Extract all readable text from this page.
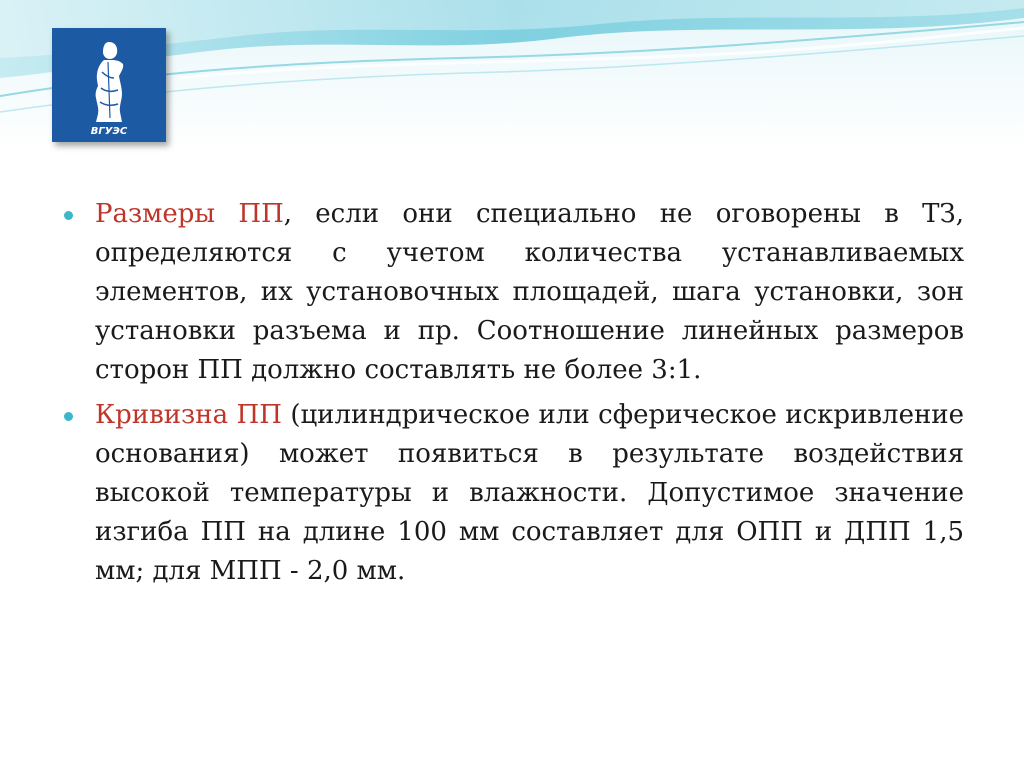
ВГУЭС

Размеры ПП, если они специально не оговорены в ТЗ, определяются с учетом количества устанавливаемых элементов, их установочных площадей, шага установки, зон установки разъема и пр. Соотношение линейных размеров сторон ПП должно составлять не более 3:1.

Кривизна ПП (цилиндрическое или сферическое искривление основания) может появиться в результате воздействия высокой температуры и влажности. Допустимое значение изгиба ПП на длине 100 мм составляет для ОПП и ДПП 1,5 мм; для МПП - 2,0 мм.
